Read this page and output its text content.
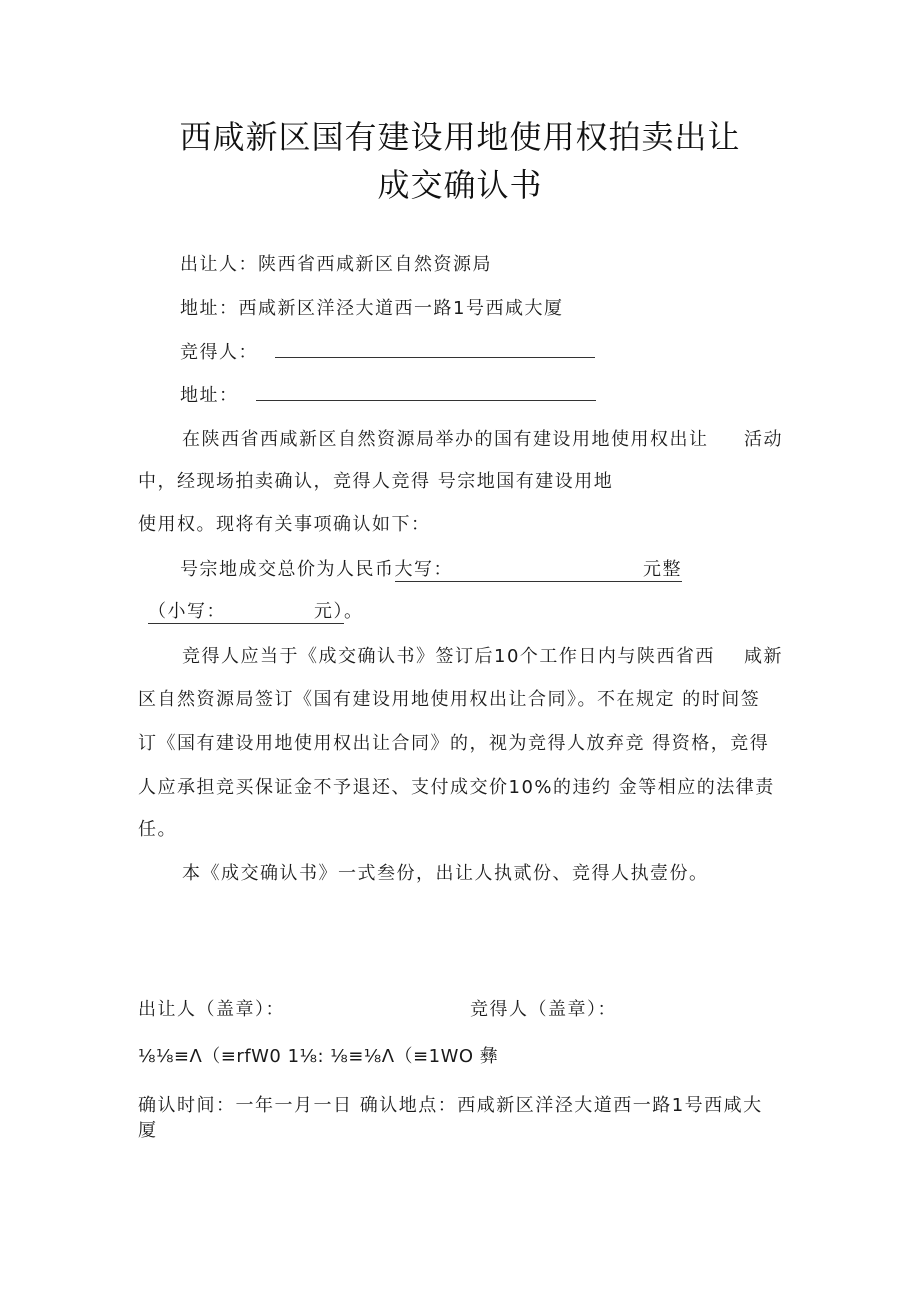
西咸新区国有建设用地使用权拍卖出让
成交确认书
出让人：陕西省西咸新区自然资源局
地址：西咸新区洋泾大道西一路1号西咸大厦
竞得人：
地址：
在陕西省西咸新区自然资源局举办的国有建设用地使用权出让 活动
中，经现场拍卖确认，竞得人竞得 号宗地国有建设用地
使用权。现将有关事项确认如下：
号宗地成交总价为人民币大写：	元整
（小写：	元）。
竞得人应当于《成交确认书》签订后10个工作日内与陕西省西 咸新
区自然资源局签订《国有建设用地使用权出让合同》。不在规定 的时间签
订《国有建设用地使用权出让合同》的，视为竞得人放弃竞 得资格，竞得
人应承担竞买保证金不予退还、支付成交价10%的违约 金等相应的法律责
任。
本《成交确认书》一式叁份，出让人执贰份、竞得人执壹份。
出让人（盖章）：	竞得人（盖章）：
⅛⅛≡Λ（≡rfW0 1⅛: ⅛≡⅛Λ（≡1WO 彝
确认时间：一年一月一日 确认地点：西咸新区洋泾大道西一路1号西咸大
厦
